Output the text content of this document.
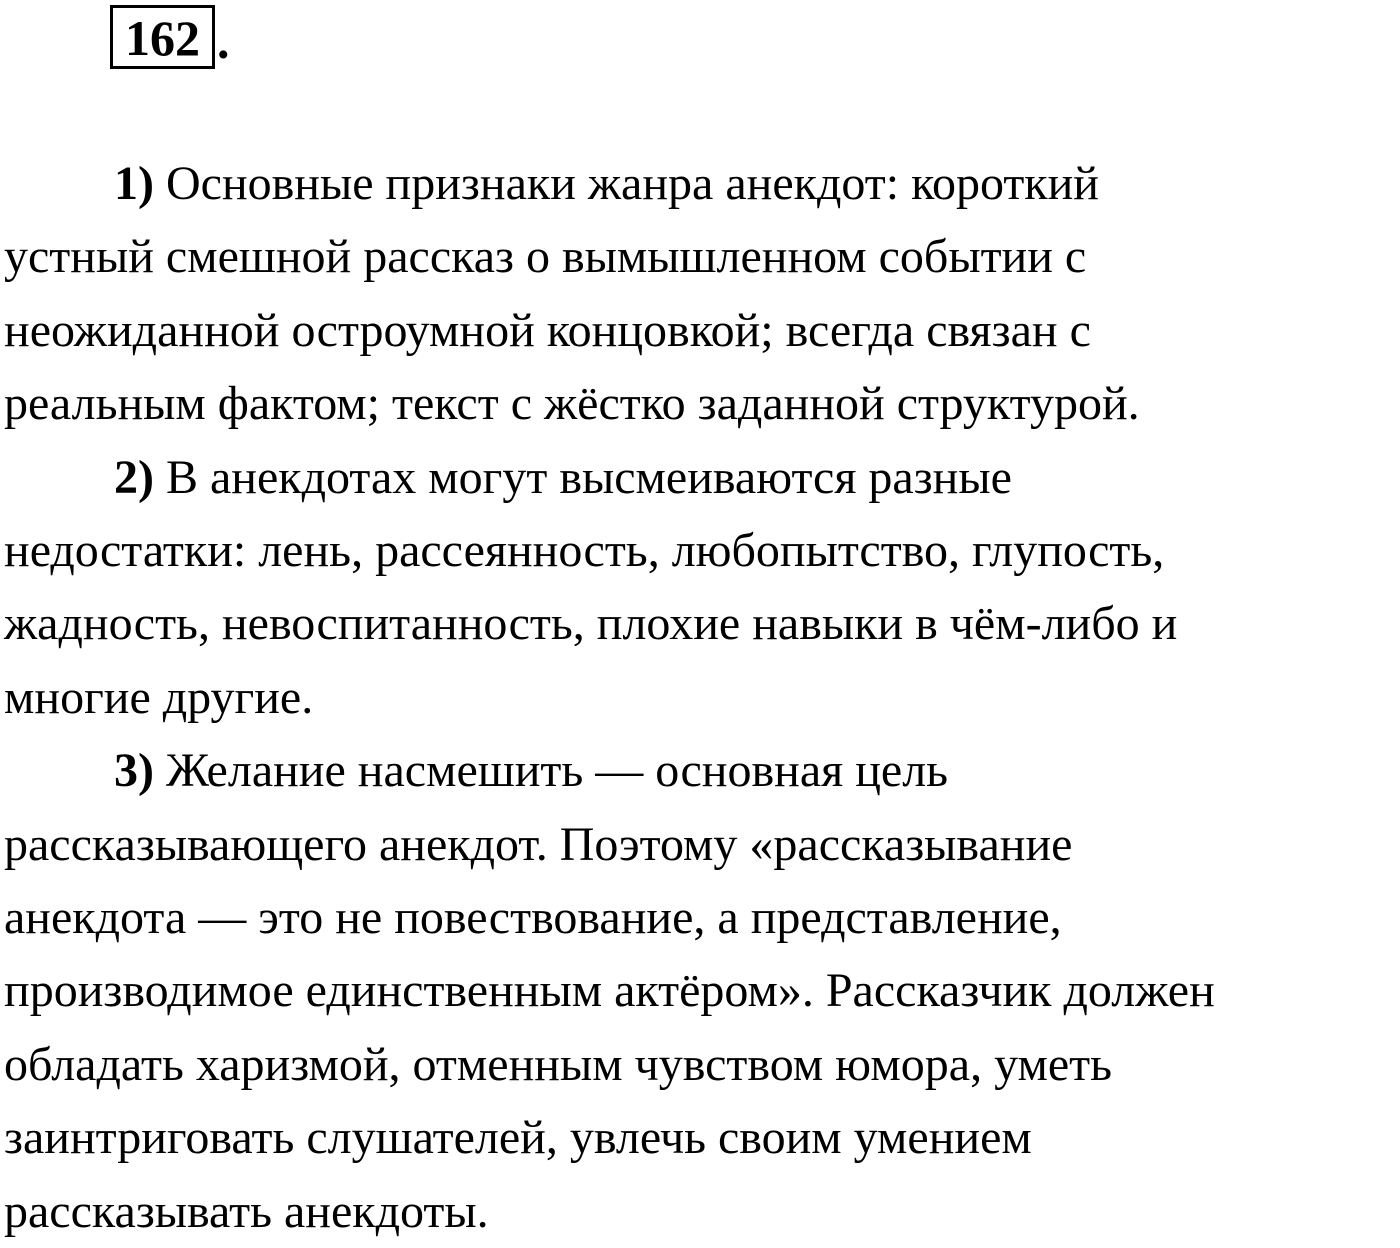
162 .
1) Основные признаки жанра анекдот: короткий
устный смешной рассказ о вымышленном событии с
неожиданной остроумной концовкой; всегда связан с
реальным фактом; текст с жёстко заданной структурой.
2) В анекдотах могут высмеиваются разные
недостатки: лень, рассеянность, любопытство, глупость,
жадность, невоспитанность, плохие навыки в чём-либо и
многие другие.
3) Желание насмешить — основная цель
рассказывающего анекдот. Поэтому «рассказывание
анекдота — это не повествование, а представление,
производимое единственным актёром». Рассказчик должен
обладать харизмой, отменным чувством юмора, уметь
заинтриговать слушателей, увлечь своим умением
рассказывать анекдоты.
